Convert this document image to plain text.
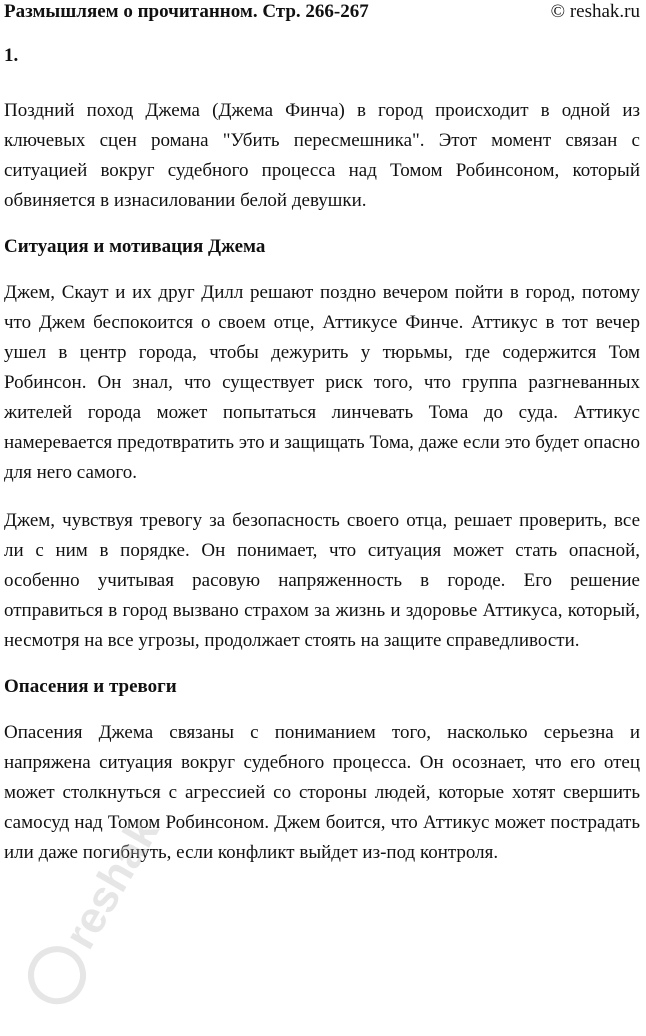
Размышляем о прочитанном. Стр. 266-267	© reshak.ru
1.

Поздний поход Джема (Джема Финча) в город происходит в одной из ключевых сцен романа "Убить пересмешника". Этот момент связан с ситуацией вокруг судебного процесса над Томом Робинсоном, который обвиняется в изнасиловании белой девушки.

Ситуация и мотивация Джема

Джем, Скаут и их друг Дилл решают поздно вечером пойти в город, потому что Джем беспокоится о своем отце, Аттикусе Финче. Аттикус в тот вечер ушел в центр города, чтобы дежурить у тюрьмы, где содержится Том Робинсон. Он знал, что существует риск того, что группа разгневанных жителей города может попытаться линчевать Тома до суда. Аттикус намеревается предотвратить это и защищать Тома, даже если это будет опасно для него самого.

Джем, чувствуя тревогу за безопасность своего отца, решает проверить, все ли с ним в порядке. Он понимает, что ситуация может стать опасной, особенно учитывая расовую напряженность в городе. Его решение отправиться в город вызвано страхом за жизнь и здоровье Аттикуса, который, несмотря на все угрозы, продолжает стоять на защите справедливости.

Опасения и тревоги

Опасения Джема связаны с пониманием того, насколько серьезна и напряжена ситуация вокруг судебного процесса. Он осознает, что его отец может столкнуться с агрессией со стороны людей, которые хотят свершить самосуд над Томом Робинсоном. Джем боится, что Аттикус может пострадать или даже погибнуть, если конфликт выйдет из-под контроля.

reshak
